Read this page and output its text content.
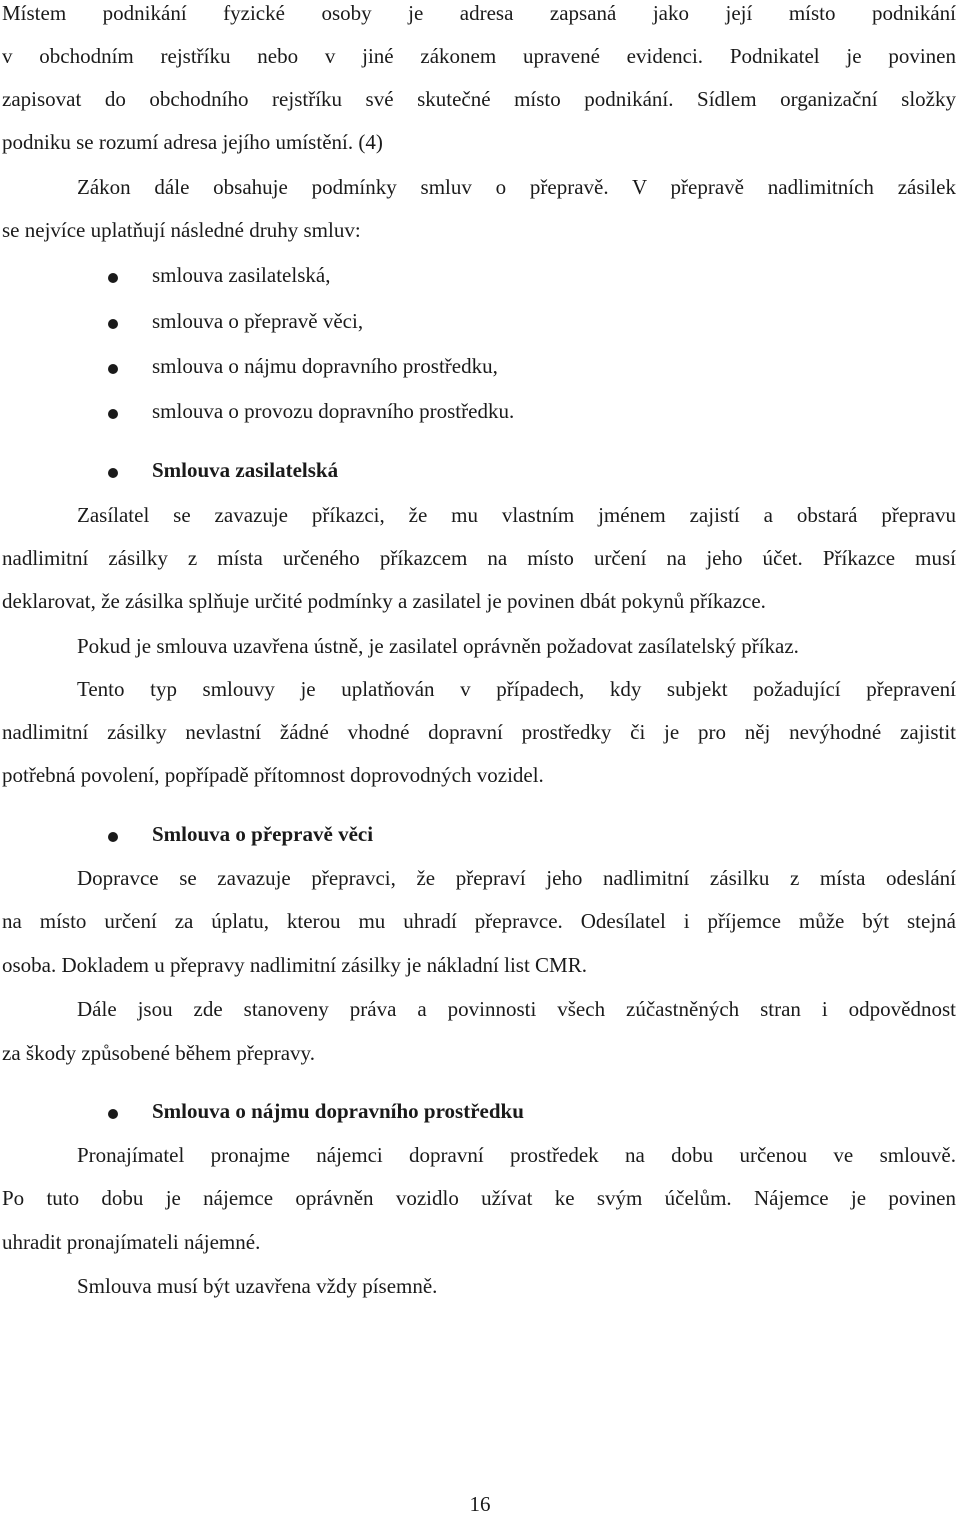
Místem podnikání fyzické osoby je adresa zapsaná jako její místo podnikání
v obchodním rejstříku nebo v jiné zákonem upravené evidenci. Podnikatel je povinen
zapisovat do obchodního rejstříku své skutečné místo podnikání. Sídlem organizační složky
podniku se rozumí adresa jejího umístění. (4)
Zákon dále obsahuje podmínky smluv o přepravě. V přepravě nadlimitních zásilek
se nejvíce uplatňují následné druhy smluv:
smlouva zasilatelská,
smlouva o přepravě věci,
smlouva o nájmu dopravního prostředku,
smlouva o provozu dopravního prostředku.
Smlouva zasilatelská
Zasílatel se zavazuje příkazci, že mu vlastním jménem zajistí a obstará přepravu
nadlimitní zásilky z místa určeného příkazcem na místo určení na jeho účet. Příkazce musí
deklarovat, že zásilka splňuje určité podmínky a zasilatel je povinen dbát pokynů příkazce.
Pokud je smlouva uzavřena ústně, je zasilatel oprávněn požadovat zasílatelský příkaz.
Tento typ smlouvy je uplatňován v případech, kdy subjekt požadující přepravení
nadlimitní zásilky nevlastní žádné vhodné dopravní prostředky či je pro něj nevýhodné zajistit
potřebná povolení, popřípadě přítomnost doprovodných vozidel.
Smlouva o přepravě věci
Dopravce se zavazuje přepravci, že přepraví jeho nadlimitní zásilku z místa odeslání
na místo určení za úplatu, kterou mu uhradí přepravce. Odesílatel i příjemce může být stejná
osoba. Dokladem u přepravy nadlimitní zásilky je nákladní list CMR.
Dále jsou zde stanoveny práva a povinnosti všech zúčastněných stran i odpovědnost
za škody způsobené během přepravy.
Smlouva o nájmu dopravního prostředku
Pronajímatel pronajme nájemci dopravní prostředek na dobu určenou ve smlouvě.
Po tuto dobu je nájemce oprávněn vozidlo užívat ke svým účelům. Nájemce je povinen
uhradit pronajímateli nájemné.
Smlouva musí být uzavřena vždy písemně.
16
